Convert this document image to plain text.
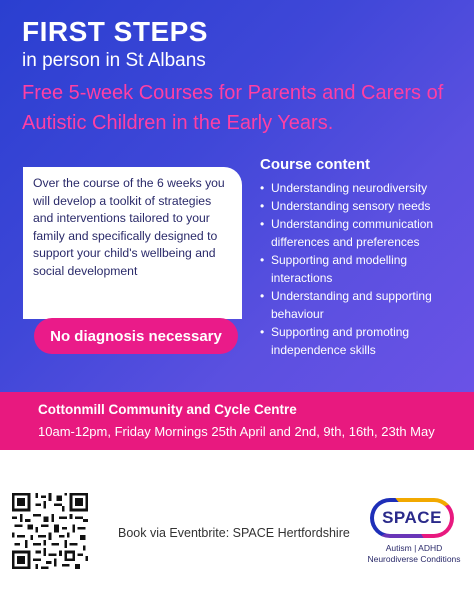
FIRST STEPS
in person in St Albans
Free 5-week Courses for Parents and Carers of Autistic Children in the Early Years.
Over the course of the 6 weeks you will develop a toolkit of strategies and interventions tailored to your family and specifically designed to support your child's wellbeing and social development
No diagnosis necessary
Course content
• Understanding neurodiversity
• Understanding sensory needs
• Understanding communication differences and preferences
• Supporting and modelling interactions
• Understanding and supporting behaviour
• Supporting and promoting independence skills
Cottonmill Community and Cycle Centre
10am-12pm, Friday Mornings 25th April and 2nd, 9th, 16th, 23th May
Book via Eventbrite: SPACE Hertfordshire
SPACE
Autism | ADHD
Neurodiverse Conditions
